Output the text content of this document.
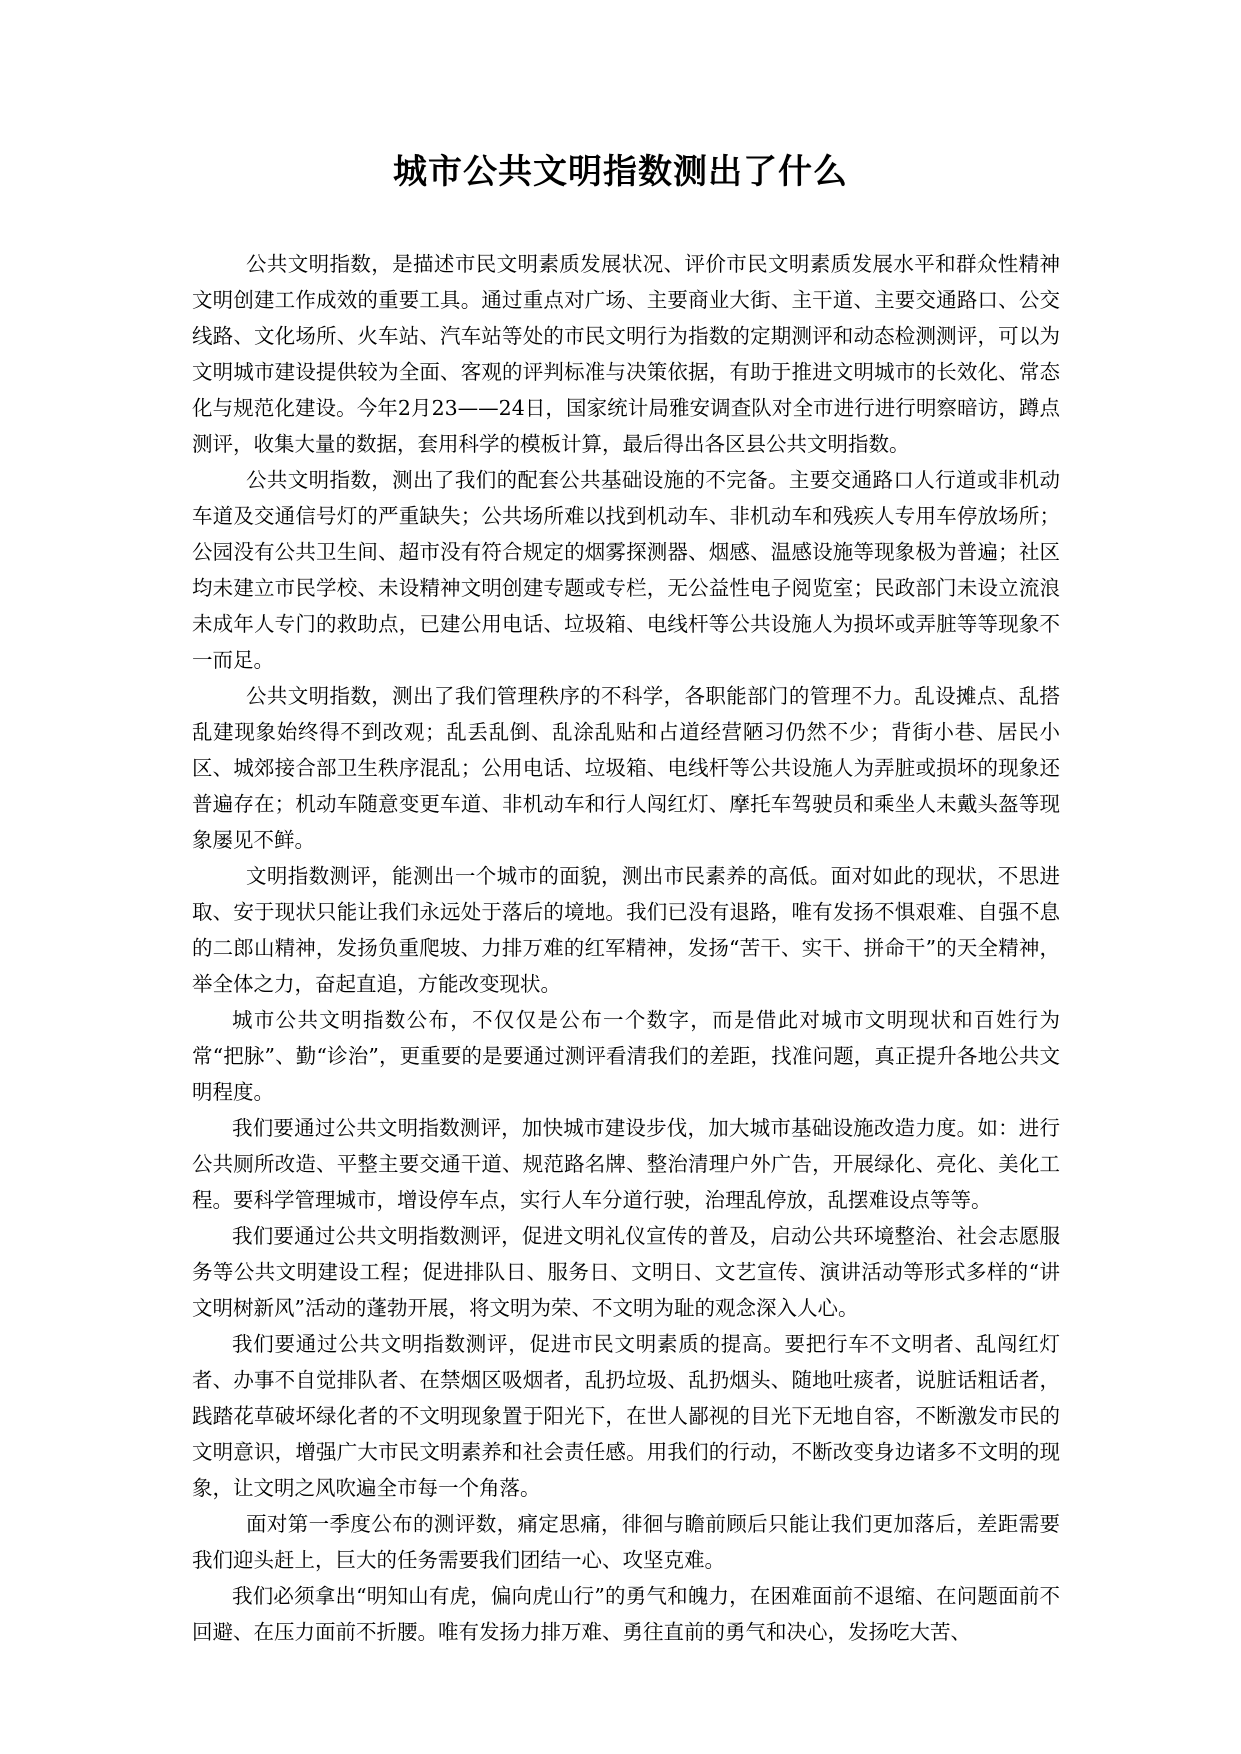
城市公共文明指数测出了什么

公共文明指数，是描述市民文明素质发展状况、评价市民文明素质发展水平和群众性精神文明创建工作成效的重要工具。通过重点对广场、主要商业大街、主干道、主要交通路口、公交线路、文化场所、火车站、汽车站等处的市民文明行为指数的定期测评和动态检测测评，可以为文明城市建设提供较为全面、客观的评判标准与决策依据，有助于推进文明城市的长效化、常态化与规范化建设。今年2月23——24日，国家统计局雅安调查队对全市进行进行明察暗访，蹲点测评，收集大量的数据，套用科学的模板计算，最后得出各区县公共文明指数。

公共文明指数，测出了我们的配套公共基础设施的不完备。主要交通路口人行道或非机动车道及交通信号灯的严重缺失；公共场所难以找到机动车、非机动车和残疾人专用车停放场所；公园没有公共卫生间、超市没有符合规定的烟雾探测器、烟感、温感设施等现象极为普遍；社区均未建立市民学校、未设精神文明创建专题或专栏，无公益性电子阅览室；民政部门未设立流浪未成年人专门的救助点，已建公用电话、垃圾箱、电线杆等公共设施人为损坏或弄脏等等现象不一而足。

公共文明指数，测出了我们管理秩序的不科学，各职能部门的管理不力。乱设摊点、乱搭乱建现象始终得不到改观；乱丢乱倒、乱涂乱贴和占道经营陋习仍然不少；背街小巷、居民小区、城郊接合部卫生秩序混乱；公用电话、垃圾箱、电线杆等公共设施人为弄脏或损坏的现象还普遍存在；机动车随意变更车道、非机动车和行人闯红灯、摩托车驾驶员和乘坐人未戴头盔等现象屡见不鲜。

文明指数测评，能测出一个城市的面貌，测出市民素养的高低。面对如此的现状，不思进取、安于现状只能让我们永远处于落后的境地。我们已没有退路，唯有发扬不惧艰难、自强不息的二郎山精神，发扬负重爬坡、力排万难的红军精神，发扬“苦干、实干、拼命干”的天全精神，举全体之力，奋起直追，方能改变现状。

城市公共文明指数公布，不仅仅是公布一个数字，而是借此对城市文明现状和百姓行为常“把脉”、勤“诊治”，更重要的是要通过测评看清我们的差距，找准问题，真正提升各地公共文明程度。

我们要通过公共文明指数测评，加快城市建设步伐，加大城市基础设施改造力度。如：进行公共厕所改造、平整主要交通干道、规范路名牌、整治清理户外广告，开展绿化、亮化、美化工程。要科学管理城市，增设停车点，实行人车分道行驶，治理乱停放，乱摆难设点等等。

我们要通过公共文明指数测评，促进文明礼仪宣传的普及，启动公共环境整治、社会志愿服务等公共文明建设工程；促进排队日、服务日、文明日、文艺宣传、演讲活动等形式多样的“讲文明树新风”活动的蓬勃开展，将文明为荣、不文明为耻的观念深入人心。

我们要通过公共文明指数测评，促进市民文明素质的提高。要把行车不文明者、乱闯红灯者、办事不自觉排队者、在禁烟区吸烟者，乱扔垃圾、乱扔烟头、随地吐痰者，说脏话粗话者，践踏花草破坏绿化者的不文明现象置于阳光下，在世人鄙视的目光下无地自容，不断激发市民的文明意识，增强广大市民文明素养和社会责任感。用我们的行动，不断改变身边诸多不文明的现象，让文明之风吹遍全市每一个角落。

面对第一季度公布的测评数，痛定思痛，徘徊与瞻前顾后只能让我们更加落后，差距需要我们迎头赶上，巨大的任务需要我们团结一心、攻坚克难。

我们必须拿出“明知山有虎，偏向虎山行”的勇气和魄力，在困难面前不退缩、在问题面前不回避、在压力面前不折腰。唯有发扬力排万难、勇往直前的勇气和决心，发扬吃大苦、
